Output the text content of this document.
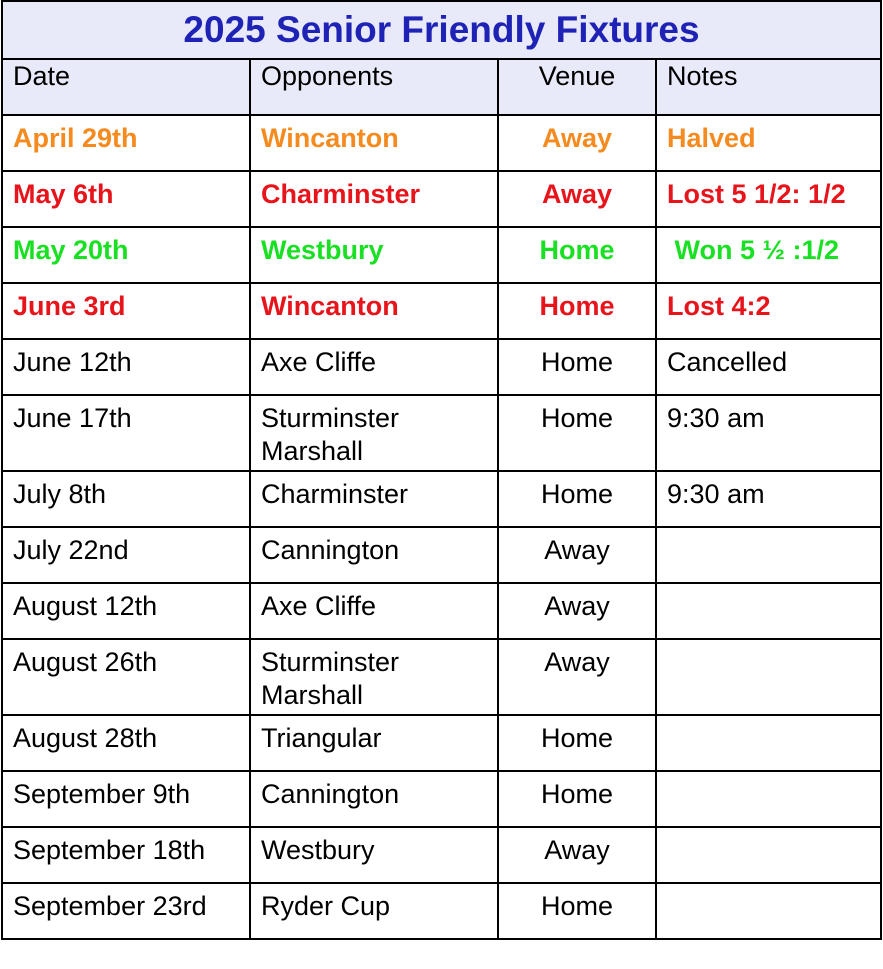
2025 Senior Friendly Fixtures			
Date	Opponents	Venue	Notes
April 29th	Wincanton	Away	Halved
May 6th	Charminster	Away	Lost 5 1/2: 1/2
May 20th	Westbury	Home	Won 5 ½ :1/2
June 3rd	Wincanton	Home	Lost 4:2
June 12th	Axe Cliffe	Home	Cancelled
June 17th	Sturminster Marshall	Home	9:30 am
July 8th	Charminster	Home	9:30 am
July 22nd	Cannington	Away	
August 12th	Axe Cliffe	Away	
August 26th	Sturminster Marshall	Away	
August 28th	Triangular	Home	
September 9th	Cannington	Home	
September 18th	Westbury	Away	
September 23rd	Ryder Cup	Home	
